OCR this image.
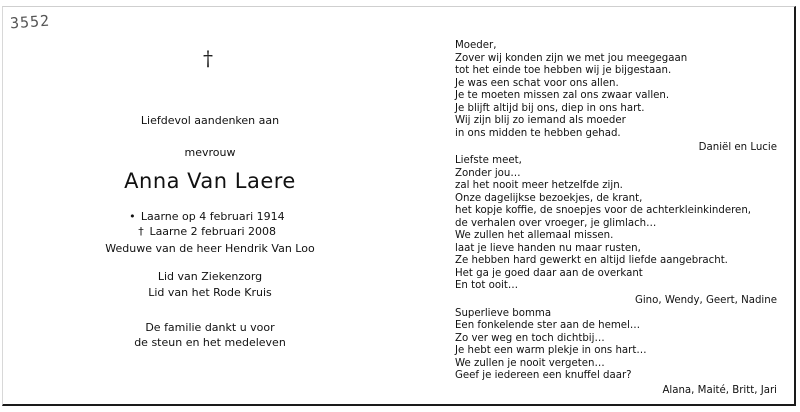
3552
†
Liefdevol aandenken aan
mevrouw
Anna Van Laere
• Laarne op 4 februari 1914
† Laarne 2 februari 2008
Weduwe van de heer Hendrik Van Loo
Lid van Ziekenzorg
Lid van het Rode Kruis
De familie dankt u voor
de steun en het medeleven
Moeder,
Zover wij konden zijn we met jou meegegaan
tot het einde toe hebben wij je bijgestaan.
Je was een schat voor ons allen.
Je te moeten missen zal ons zwaar vallen.
Je blijft altijd bij ons, diep in ons hart.
Wij zijn blij zo iemand als moeder
in ons midden te hebben gehad.
Daniël en Lucie
Liefste meet,
Zonder jou…
zal het nooit meer hetzelfde zijn.
Onze dagelijkse bezoekjes, de krant,
het kopje koffie, de snoepjes voor de achterkleinkinderen,
de verhalen over vroeger, je glimlach…
We zullen het allemaal missen.
laat je lieve handen nu maar rusten,
Ze hebben hard gewerkt en altijd liefde aangebracht.
Het ga je goed daar aan de overkant
En tot ooit…
Gino, Wendy, Geert, Nadine
Superlieve bomma
Een fonkelende ster aan de hemel…
Zo ver weg en toch dichtbij…
Je hebt een warm plekje in ons hart…
We zullen je nooit vergeten…
Geef je iedereen een knuffel daar?
Alana, Maité, Britt, Jari
